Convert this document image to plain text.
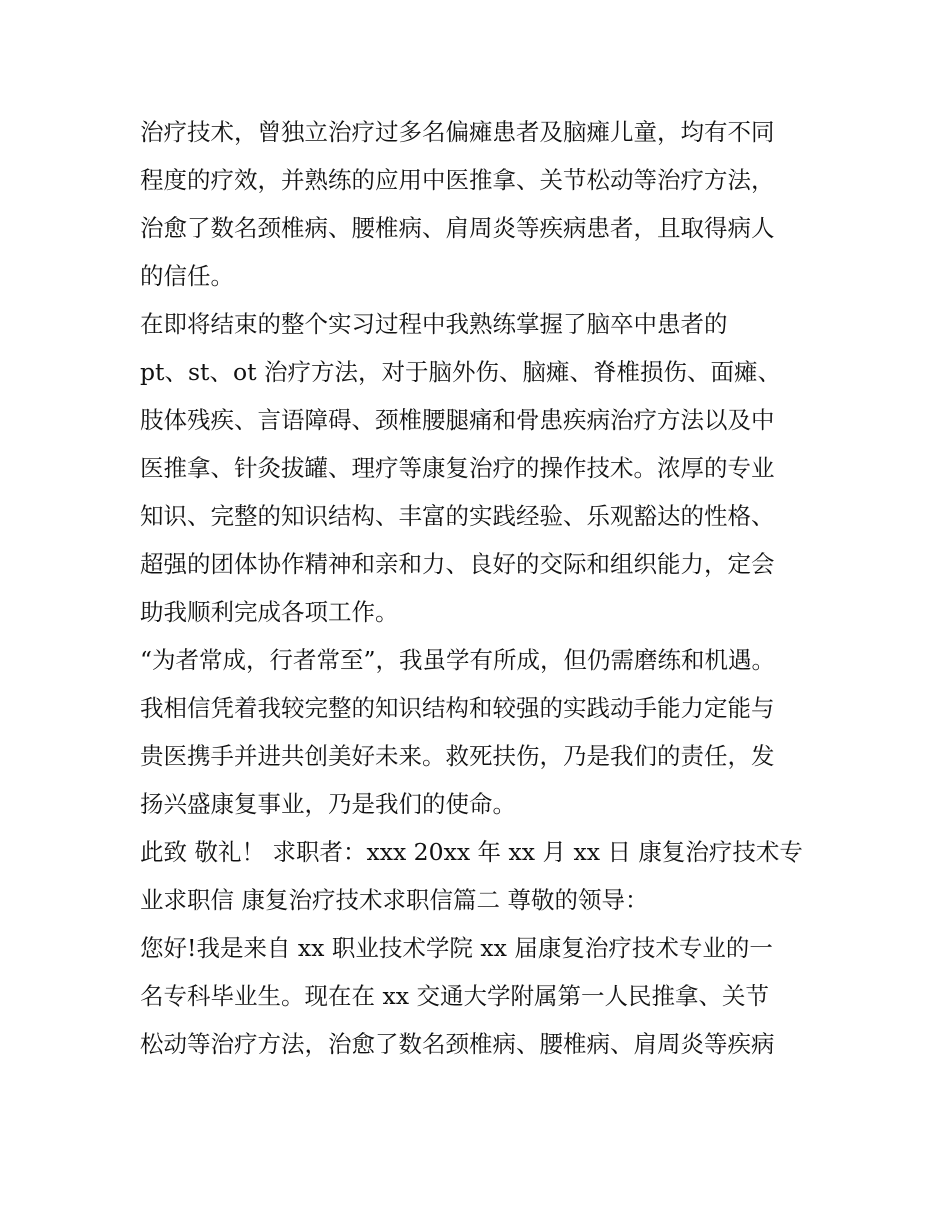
治疗技术，曾独立治疗过多名偏瘫患者及脑瘫儿童，均有不同
程度的疗效，并熟练的应用中医推拿、关节松动等治疗方法，
治愈了数名颈椎病、腰椎病、肩周炎等疾病患者，且取得病人
的信任。
在即将结束的整个实习过程中我熟练掌握了脑卒中患者的
pt、st、ot 治疗方法，对于脑外伤、脑瘫、脊椎损伤、面瘫、
肢体残疾、言语障碍、颈椎腰腿痛和骨患疾病治疗方法以及中
医推拿、针灸拔罐、理疗等康复治疗的操作技术。浓厚的专业
知识、完整的知识结构、丰富的实践经验、乐观豁达的性格、
超强的团体协作精神和亲和力、良好的交际和组织能力，定会
助我顺利完成各项工作。
“为者常成，行者常至”，我虽学有所成，但仍需磨练和机遇。
我相信凭着我较完整的知识结构和较强的实践动手能力定能与
贵医携手并进共创美好未来。救死扶伤，乃是我们的责任，发
扬兴盛康复事业，乃是我们的使命。
此致 敬礼！ 求职者：xxx 20xx 年 xx 月 xx 日 康复治疗技术专
业求职信 康复治疗技术求职信篇二 尊敬的领导：
您好!我是来自 xx 职业技术学院 xx 届康复治疗技术专业的一
名专科毕业生。现在在 xx 交通大学附属第一人民推拿、关节
松动等治疗方法，治愈了数名颈椎病、腰椎病、肩周炎等疾病
